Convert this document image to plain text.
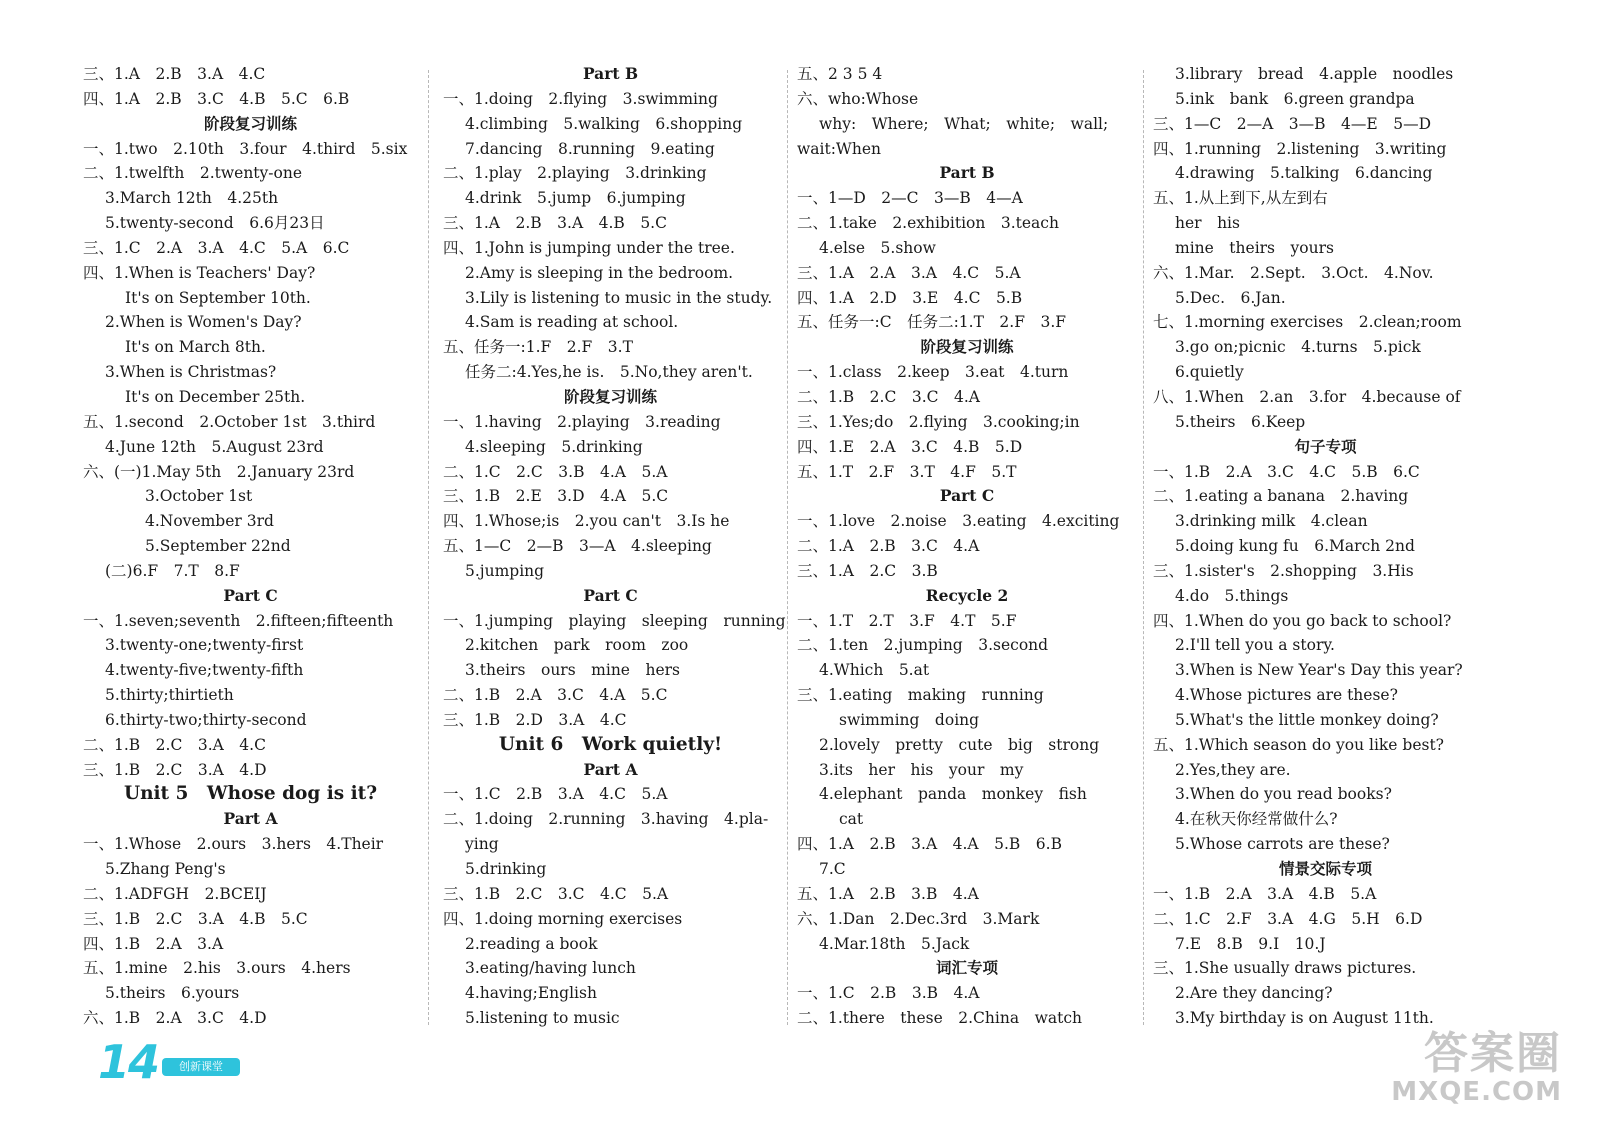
三、1.A　2.B　3.A　4.C
四、1.A　2.B　3.C　4.B　5.C　6.B
阶段复习训练
一、1.two　2.10th　3.four　4.third　5.six
二、1.twelfth　2.twenty-one
3.March 12th　4.25th
5.twenty-second　6.6月23日
三、1.C　2.A　3.A　4.C　5.A　6.C
四、1.When is Teachers' Day?
It's on September 10th.
2.When is Women's Day?
It's on March 8th.
3.When is Christmas?
It's on December 25th.
五、1.second　2.October 1st　3.third
4.June 12th　5.August 23rd
六、(一)1.May 5th　2.January 23rd
3.October 1st
4.November 3rd
5.September 22nd
(二)6.F　7.T　8.F
Part C
一、1.seven;seventh　2.fifteen;fifteenth
3.twenty-one;twenty-first
4.twenty-five;twenty-fifth
5.thirty;thirtieth
6.thirty-two;thirty-second
二、1.B　2.C　3.A　4.C
三、1.B　2.C　3.A　4.D
Unit 5　Whose dog is it?
Part A
一、1.Whose　2.ours　3.hers　4.Their
5.Zhang Peng's
二、1.ADFGH　2.BCEIJ
三、1.B　2.C　3.A　4.B　5.C
四、1.B　2.A　3.A
五、1.mine　2.his　3.ours　4.hers
5.theirs　6.yours
六、1.B　2.A　3.C　4.D
Part B
一、1.doing　2.flying　3.swimming
4.climbing　5.walking　6.shopping
7.dancing　8.running　9.eating
二、1.play　2.playing　3.drinking
4.drink　5.jump　6.jumping
三、1.A　2.B　3.A　4.B　5.C
四、1.John is jumping under the tree.
2.Amy is sleeping in the bedroom.
3.Lily is listening to music in the study.
4.Sam is reading at school.
五、任务一:1.F　2.F　3.T
任务二:4.Yes,he is.　5.No,they aren't.
阶段复习训练
一、1.having　2.playing　3.reading
4.sleeping　5.drinking
二、1.C　2.C　3.B　4.A　5.A
三、1.B　2.E　3.D　4.A　5.C
四、1.Whose;is　2.you can't　3.Is he
五、1—C　2—B　3—A　4.sleeping
5.jumping
Part C
一、1.jumping　playing　sleeping　running
2.kitchen　park　room　zoo
3.theirs　ours　mine　hers
二、1.B　2.A　3.C　4.A　5.C
三、1.B　2.D　3.A　4.C
Unit 6　Work quietly!
Part A
一、1.C　2.B　3.A　4.C　5.A
二、1.doing　2.running　3.having　4.pla-
ying
5.drinking
三、1.B　2.C　3.C　4.C　5.A
四、1.doing morning exercises
2.reading a book
3.eating/having lunch
4.having;English
5.listening to music
五、2 3 5 4
六、who:Whose
why:　Where;　What;　white;　wall;
wait:When
Part B
一、1—D　2—C　3—B　4—A
二、1.take　2.exhibition　3.teach
4.else　5.show
三、1.A　2.A　3.A　4.C　5.A
四、1.A　2.D　3.E　4.C　5.B
五、任务一:C　任务二:1.T　2.F　3.F
阶段复习训练
一、1.class　2.keep　3.eat　4.turn
二、1.B　2.C　3.C　4.A
三、1.Yes;do　2.flying　3.cooking;in
四、1.E　2.A　3.C　4.B　5.D
五、1.T　2.F　3.T　4.F　5.T
Part C
一、1.love　2.noise　3.eating　4.exciting
二、1.A　2.B　3.C　4.A
三、1.A　2.C　3.B
Recycle 2
一、1.T　2.T　3.F　4.T　5.F
二、1.ten　2.jumping　3.second
4.Which　5.at
三、1.eating　making　running
swimming　doing
2.lovely　pretty　cute　big　strong
3.its　her　his　your　my
4.elephant　panda　monkey　fish
cat
四、1.A　2.B　3.A　4.A　5.B　6.B
7.C
五、1.A　2.B　3.B　4.A
六、1.Dan　2.Dec.3rd　3.Mark
4.Mar.18th　5.Jack
词汇专项
一、1.C　2.B　3.B　4.A
二、1.there　these　2.China　watch
3.library　bread　4.apple　noodles
5.ink　bank　6.green grandpa
三、1—C　2—A　3—B　4—E　5—D
四、1.running　2.listening　3.writing
4.drawing　5.talking　6.dancing
五、1.从上到下,从左到右
her　his
mine　theirs　yours
六、1.Mar.　2.Sept.　3.Oct.　4.Nov.
5.Dec.　6.Jan.
七、1.morning exercises　2.clean;room
3.go on;picnic　4.turns　5.pick
6.quietly
八、1.When　2.an　3.for　4.because of
5.theirs　6.Keep
句子专项
一、1.B　2.A　3.C　4.C　5.B　6.C
二、1.eating a banana　2.having
3.drinking milk　4.clean
5.doing kung fu　6.March 2nd
三、1.sister's　2.shopping　3.His
4.do　5.things
四、1.When do you go back to school?
2.I'll tell you a story.
3.When is New Year's Day this year?
4.Whose pictures are these?
5.What's the little monkey doing?
五、1.Which season do you like best?
2.Yes,they are.
3.When do you read books?
4.在秋天你经常做什么?
5.Whose carrots are these?
情景交际专项
一、1.B　2.A　3.A　4.B　5.A
二、1.C　2.F　3.A　4.G　5.H　6.D
7.E　8.B　9.I　10.J
三、1.She usually draws pictures.
2.Are they dancing?
3.My birthday is on August 11th.
14	创新课堂	答案圈
MXQE.COM
